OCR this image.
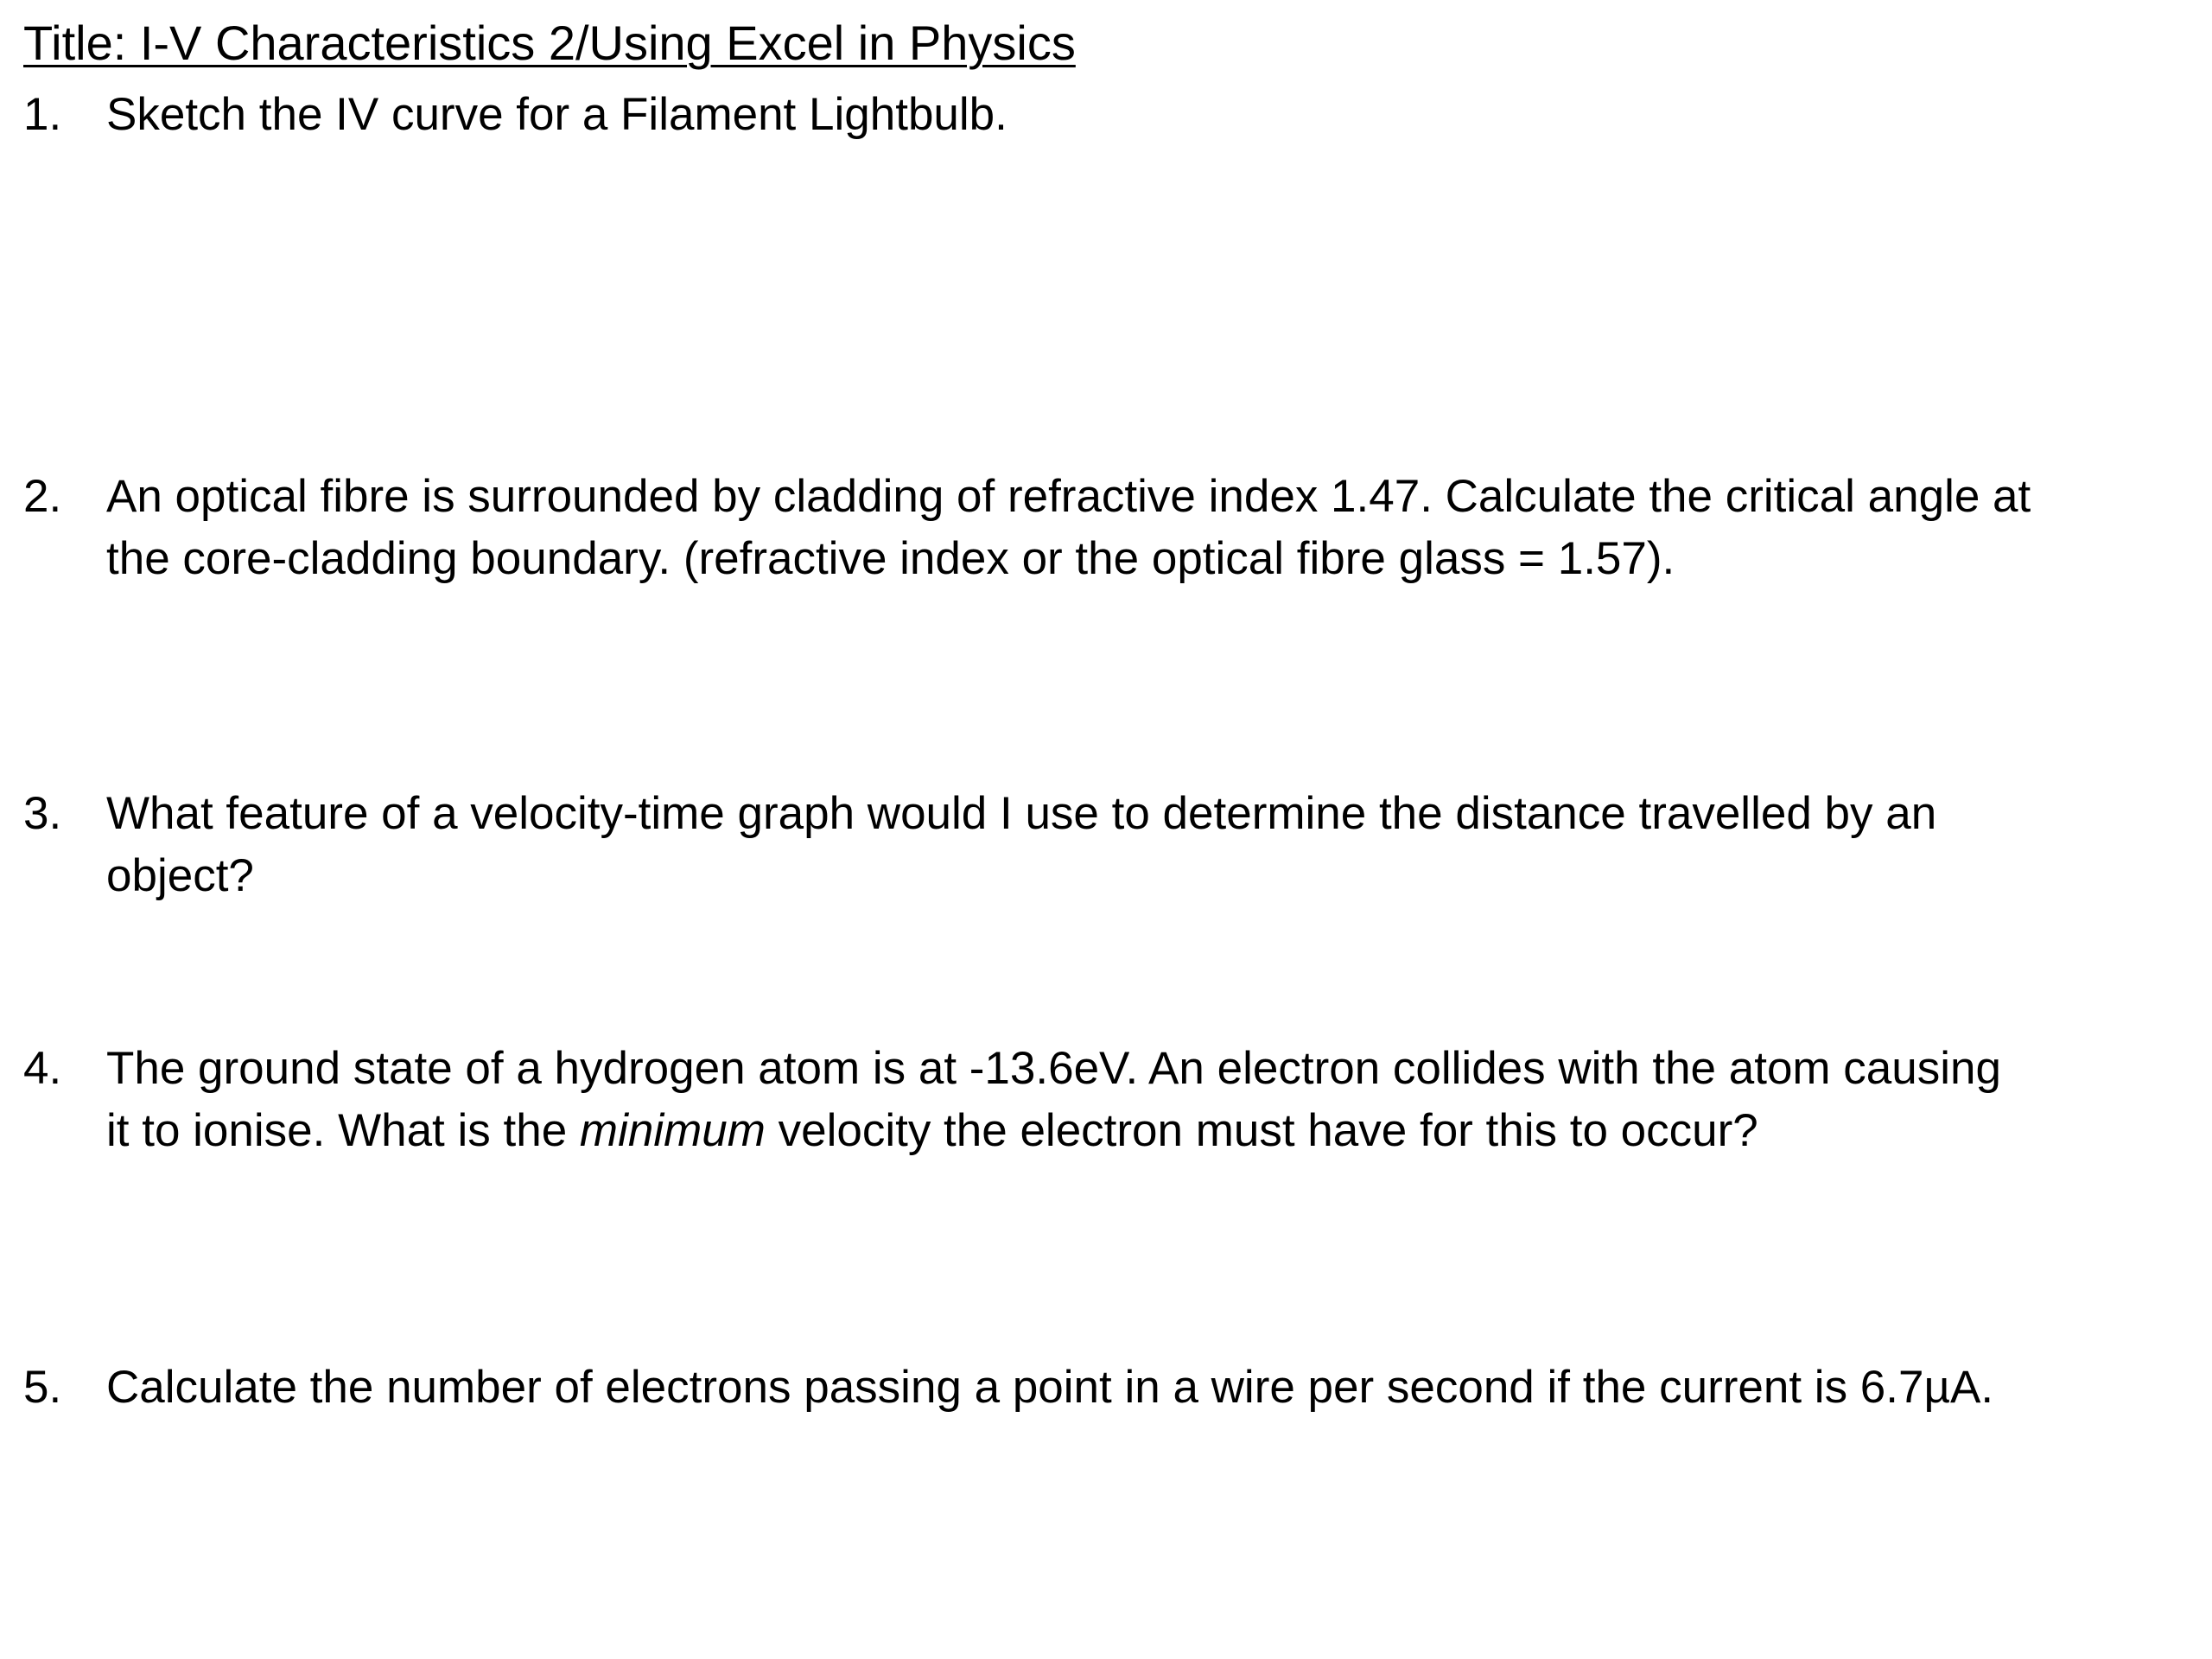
Title: I-V Characteristics 2/Using Excel in Physics
1. Sketch the IV curve for a Filament Lightbulb.
2. An optical fibre is surrounded by cladding of refractive index 1.47. Calculate the critical angle at
the core-cladding boundary. (refractive index or the optical fibre glass = 1.57).
3. What feature of a velocity-time graph would I use to determine the distance travelled by an
object?
4. The ground state of a hydrogen atom is at -13.6eV. An electron collides with the atom causing
it to ionise. What is the minimum velocity the electron must have for this to occur?
5. Calculate the number of electrons passing a point in a wire per second if the current is 6.7µA.
